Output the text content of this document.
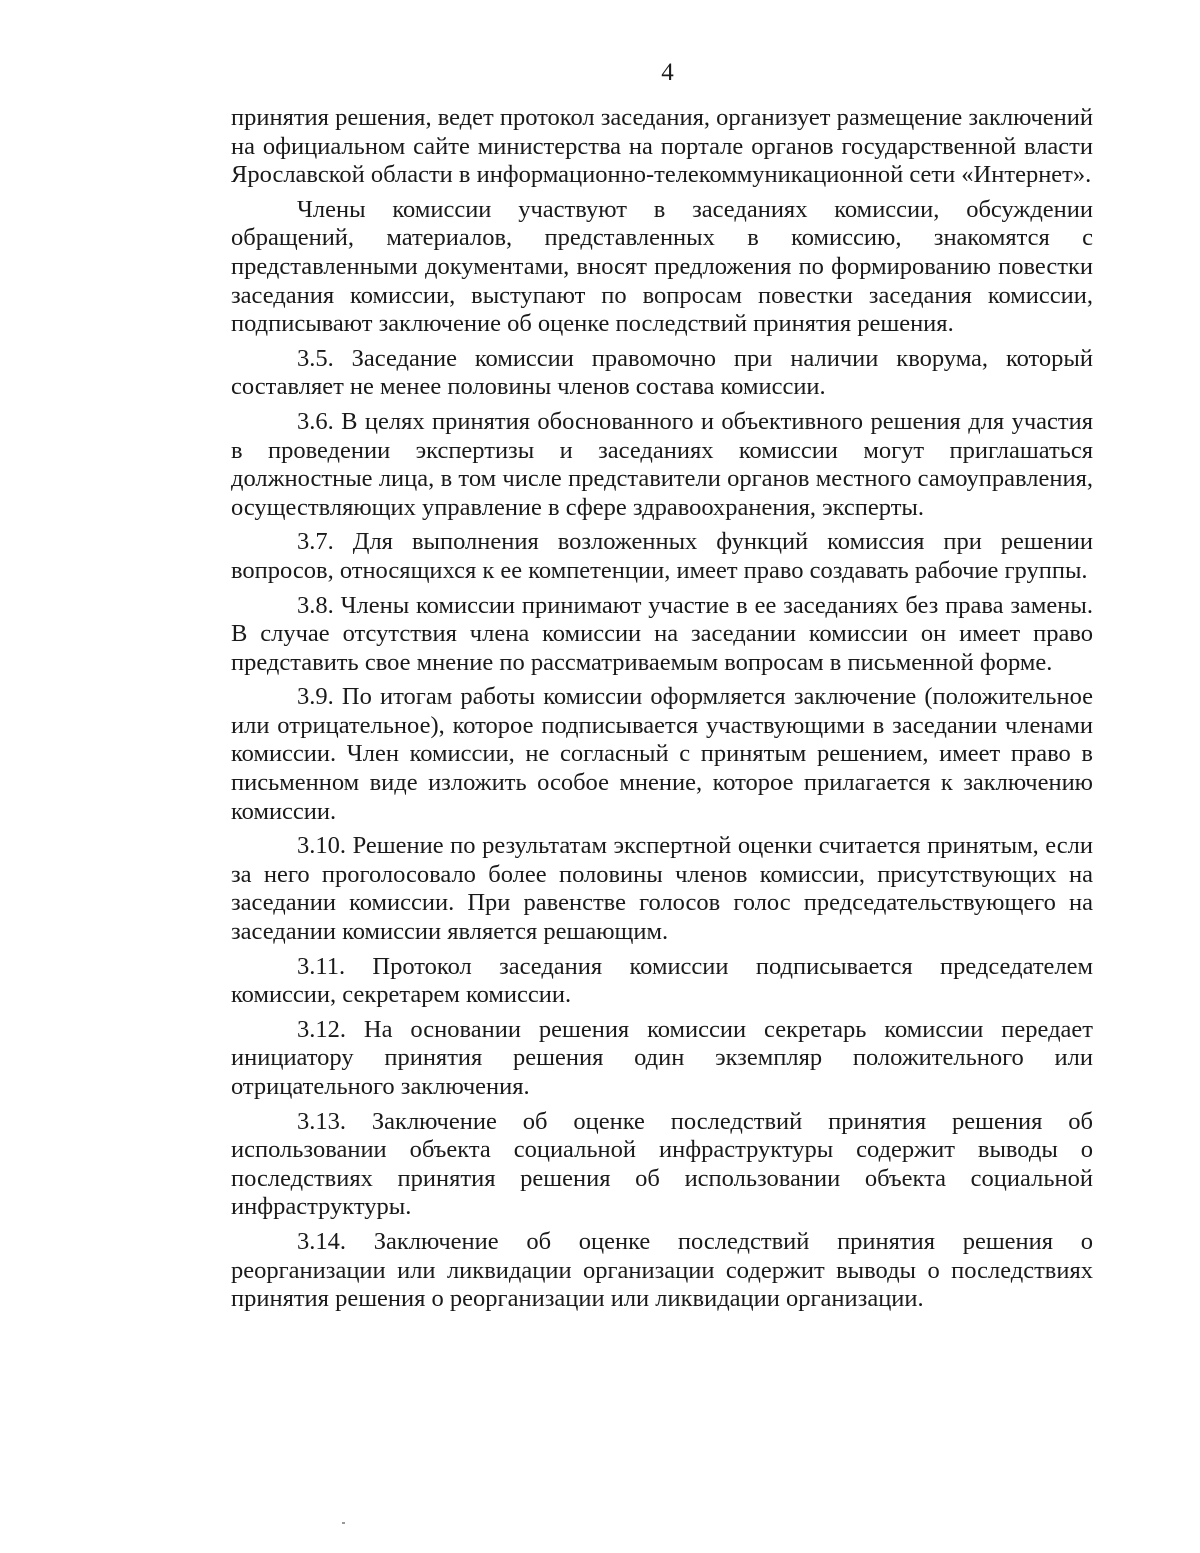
4

принятия решения, ведет протокол заседания, организует размещение заключений на официальном сайте министерства на портале органов государственной власти Ярославской области в информационно-телекоммуникационной сети «Интернет».

Члены комиссии участвуют в заседаниях комиссии, обсуждении обращений, материалов, представленных в комиссию, знакомятся с представленными документами, вносят предложения по формированию повестки заседания комиссии, выступают по вопросам повестки заседания комиссии, подписывают заключение об оценке последствий принятия решения.

3.5. Заседание комиссии правомочно при наличии кворума, который составляет не менее половины членов состава комиссии.

3.6. В целях принятия обоснованного и объективного решения для участия в проведении экспертизы и заседаниях комиссии могут приглашаться должностные лица, в том числе представители органов местного самоуправления, осуществляющих управление в сфере здравоохранения, эксперты.

3.7. Для выполнения возложенных функций комиссия при решении вопросов, относящихся к ее компетенции, имеет право создавать рабочие группы.

3.8. Члены комиссии принимают участие в ее заседаниях без права замены. В случае отсутствия члена комиссии на заседании комиссии он имеет право представить свое мнение по рассматриваемым вопросам в письменной форме.

3.9. По итогам работы комиссии оформляется заключение (положительное или отрицательное), которое подписывается участвующими в заседании членами комиссии. Член комиссии, не согласный с принятым решением, имеет право в письменном виде изложить особое мнение, которое прилагается к заключению комиссии.

3.10. Решение по результатам экспертной оценки считается принятым, если за него проголосовало более половины членов комиссии, присутствующих на заседании комиссии. При равенстве голосов голос председательствующего на заседании комиссии является решающим.

3.11. Протокол заседания комиссии подписывается председателем комиссии, секретарем комиссии.

3.12. На основании решения комиссии секретарь комиссии передает инициатору принятия решения один экземпляр положительного или отрицательного заключения.

3.13. Заключение об оценке последствий принятия решения об использовании объекта социальной инфраструктуры содержит выводы о последствиях принятия решения об использовании объекта социальной инфраструктуры.

3.14. Заключение об оценке последствий принятия решения о реорганизации или ликвидации организации содержит выводы о последствиях принятия решения о реорганизации или ликвидации организации.
